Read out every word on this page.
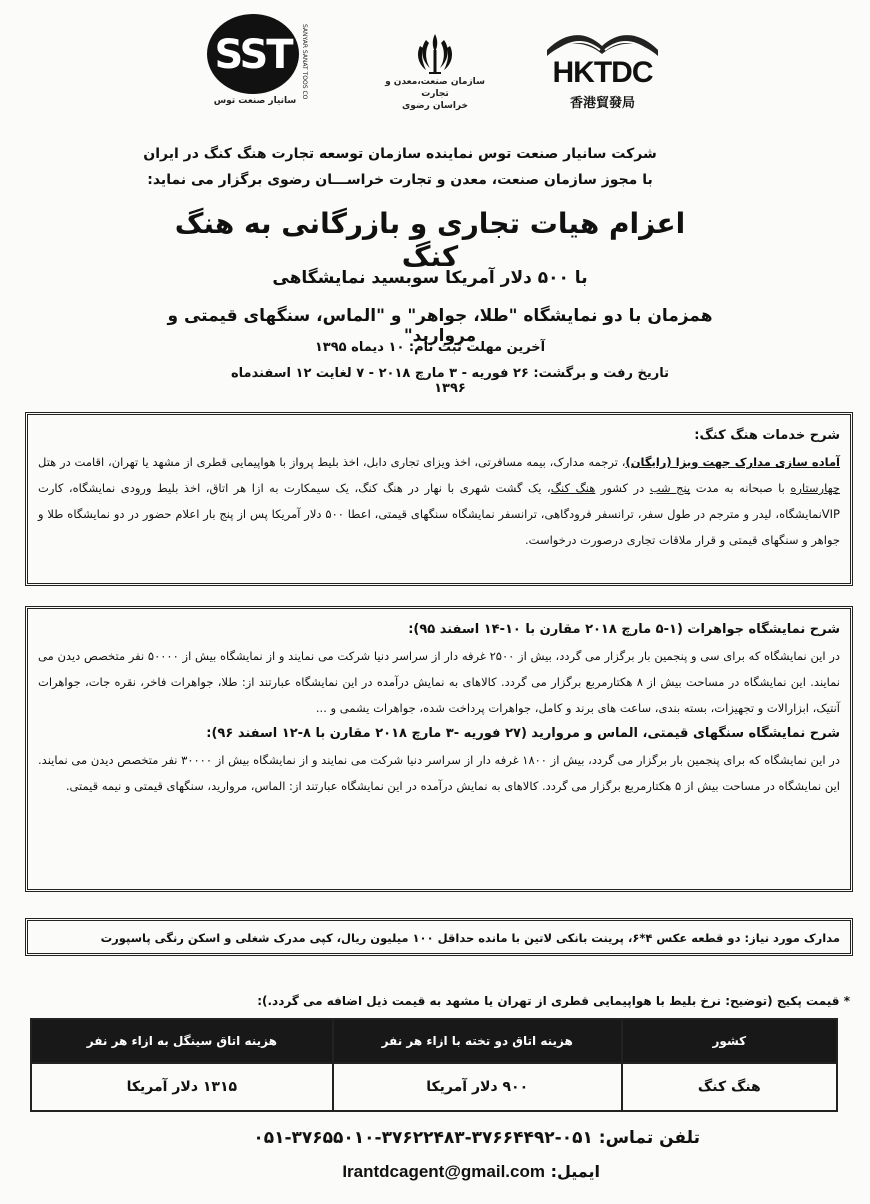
SST	SANYAR SANAT TOOS CO
سانیار صنعت توس
سازمان صنعت،معدن و تجارت
خراسان رضوی
HKTDC
香港貿發局
شرکت سانیار صنعت توس نماینده سازمان توسعه تجارت هنگ کنگ در ایران
با مجوز سازمان صنعت، معدن و تجارت خراســـان رضوی برگزار می نماید:
اعزام هیات تجاری و بازرگانی به هنگ کنگ
با ۵۰۰ دلار آمریکا سوبسید نمایشگاهی
همزمان با دو نمایشگاه "طلا، جواهر" و "الماس، سنگهای قیمتی و مروارید"
آخرین مهلت ثبت نام: ۱۰ دیماه ۱۳۹۵
تاریخ رفت و برگشت: ۲۶ فوریه - ۳ مارچ ۲۰۱۸ - ۷ لغایت ۱۲ اسفندماه ۱۳۹۶
شرح خدمات هنگ کنگ:
آماده سازی مدارک جهت ویزا (رایگان)، ترجمه مدارک، بیمه مسافرتی، اخذ ویزای تجاری دابل، اخذ بلیط پرواز با هواپیمایی قطری از مشهد یا تهران، اقامت در هتل چهارستاره با صبحانه به مدت پنج شب در کشور هنگ کنگ، یک گشت شهری با نهار در هنگ کنگ، یک سیمکارت به ازا هر اتاق، اخذ بلیط ورودی نمایشگاه، کارت VIPنمایشگاه، لیدر و مترجم در طول سفر، ترانسفر فرودگاهی، ترانسفر نمایشگاه سنگهای قیمتی، اعطا ۵۰۰ دلار آمریکا پس از پنج بار اعلام حضور در دو نمایشگاه طلا و جواهر و سنگهای قیمتی و قرار ملاقات تجاری درصورت درخواست.
شرح نمایشگاه جواهرات (۱-۵ مارچ ۲۰۱۸ مقارن با ۱۰-۱۴ اسفند ۹۵):
در این نمایشگاه که برای سی و پنجمین بار برگزار می گردد، بیش از ۲۵۰۰ غرفه دار از سراسر دنیا شرکت می نمایند و از نمایشگاه بیش از ۵۰۰۰۰ نفر متخصص دیدن می نمایند. این نمایشگاه در مساحت بیش از ۸ هکتارمربع برگزار می گردد. کالاهای به نمایش درآمده در این نمایشگاه عبارتند از: طلا، جواهرات فاخر، نقره جات، جواهرات آنتیک، ابزارالات و تجهیزات، بسته بندی، ساعت های برند و کامل، جواهرات پرداخت شده، جواهرات یشمی و ...
شرح نمایشگاه سنگهای قیمتی، الماس و مروارید (۲۷ فوریه -۳ مارچ ۲۰۱۸ مقارن با ۸-۱۲ اسفند ۹۶):
در این نمایشگاه که برای پنجمین بار برگزار می گردد، بیش از ۱۸۰۰ غرفه دار از سراسر دنیا شرکت می نمایند و از نمایشگاه بیش از ۳۰۰۰۰ نفر متخصص دیدن می نمایند. این نمایشگاه در مساحت بیش از ۵ هکتارمربع برگزار می گردد. کالاهای به نمایش درآمده در این نمایشگاه عبارتند از: الماس، مروارید، سنگهای قیمتی و نیمه قیمتی.
مدارک مورد نیاز: دو قطعه عکس ۴*۶، پرینت بانکی لاتین با مانده حداقل ۱۰۰ میلیون ریال، کپی مدرک شغلی و اسکن رنگی پاسپورت
* قیمت پکیج (توضیح: نرخ بلیط با هواپیمایی قطری از تهران یا مشهد به قیمت ذیل اضافه می گردد.):
کشور	هزینه اتاق دو تخته با ازاء هر نفر	هزینه اتاق سینگل به ازاء هر نفر
هنگ کنگ	۹۰۰ دلار آمریکا	۱۳۱۵ دلار آمریکا
تلفن تماس: ۰۵۱-۳۷۶۵۵۰۱۰-۳۷۶۲۲۴۸۳-۳۷۶۶۴۴۹۲-۰۵۱
ایمیل: Irantdcagent@gmail.com
